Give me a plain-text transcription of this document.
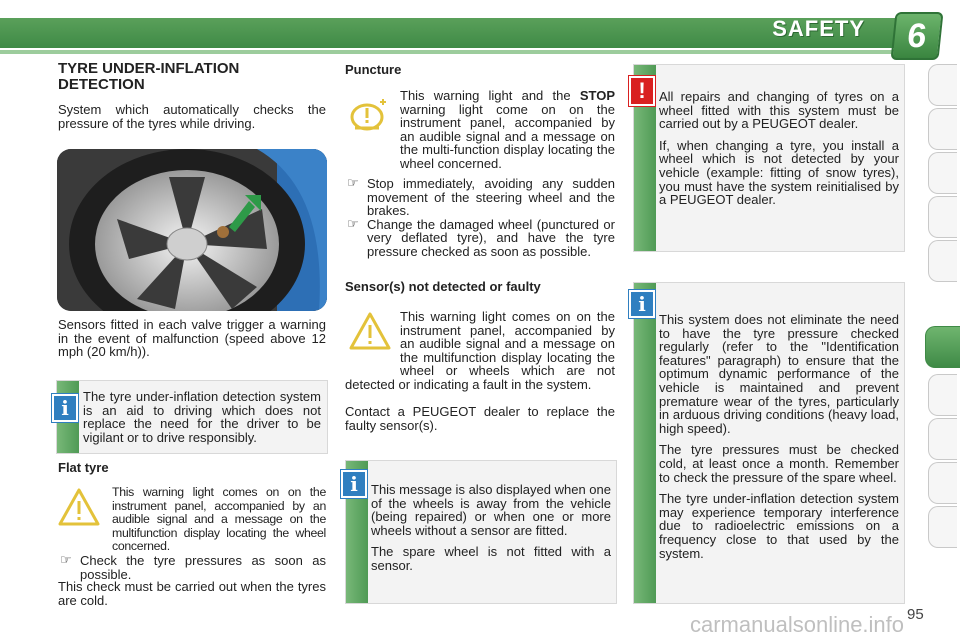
SAFETY	6
TYRE UNDER-INFLATION DETECTION
System which automatically checks the pressure of the tyres while driving.
Sensors fitted in each valve trigger a warning in the event of malfunction (speed above 12 mph (20 km/h)).
The tyre under-inflation detection system is an aid to driving which does not replace the need for the driver to be vigilant or to drive responsibly.
i
Flat tyre
This warning light comes on on the instrument panel, accompanied by an audible signal and a message on the multifunction display locating the wheel concerned.
☞ Check the tyre pressures as soon as possible.
This check must be carried out when the tyres are cold.
Puncture
This warning light and the STOP warning light come on on the instrument panel, accompanied by an audible signal and a message on the multi-function display locating the wheel concerned.
☞ Stop immediately, avoiding any sudden movement of the steering wheel and the brakes.
☞ Change the damaged wheel (punctured or very deflated tyre), and have the tyre pressure checked as soon as possible.
Sensor(s) not detected or faulty
This warning light comes on on the instrument panel, accompanied by an audible signal and a message on the multifunction display locating the wheel or wheels which are not detected or indicating a fault in the system.
Contact a PEUGEOT dealer to replace the faulty sensor(s).

This message is also displayed when one of the wheels is away from the vehicle (being repaired) or when one or more wheels without a sensor are fitted.

The spare wheel is not fitted with a sensor.

i

All repairs and changing of tyres on a wheel fitted with this system must be carried out by a PEUGEOT dealer.

If, when changing a tyre, you install a wheel which is not detected by your vehicle (example: fitting of snow tyres), you must have the system reinitialised by a PEUGEOT dealer.

!

This system does not eliminate the need to have the tyre pressure checked regularly (refer to the "Identification features" paragraph) to ensure that the optimum dynamic performance of the vehicle is maintained and prevent premature wear of the tyres, particularly in arduous driving conditions (heavy load, high speed).

The tyre pressures must be checked cold, at least once a month. Remember to check the pressure of the spare wheel.

The tyre under-inflation detection system may experience temporary interference due to radioelectric emissions on a frequency close to that used by the system.

i
95
carmanualsonline.info
